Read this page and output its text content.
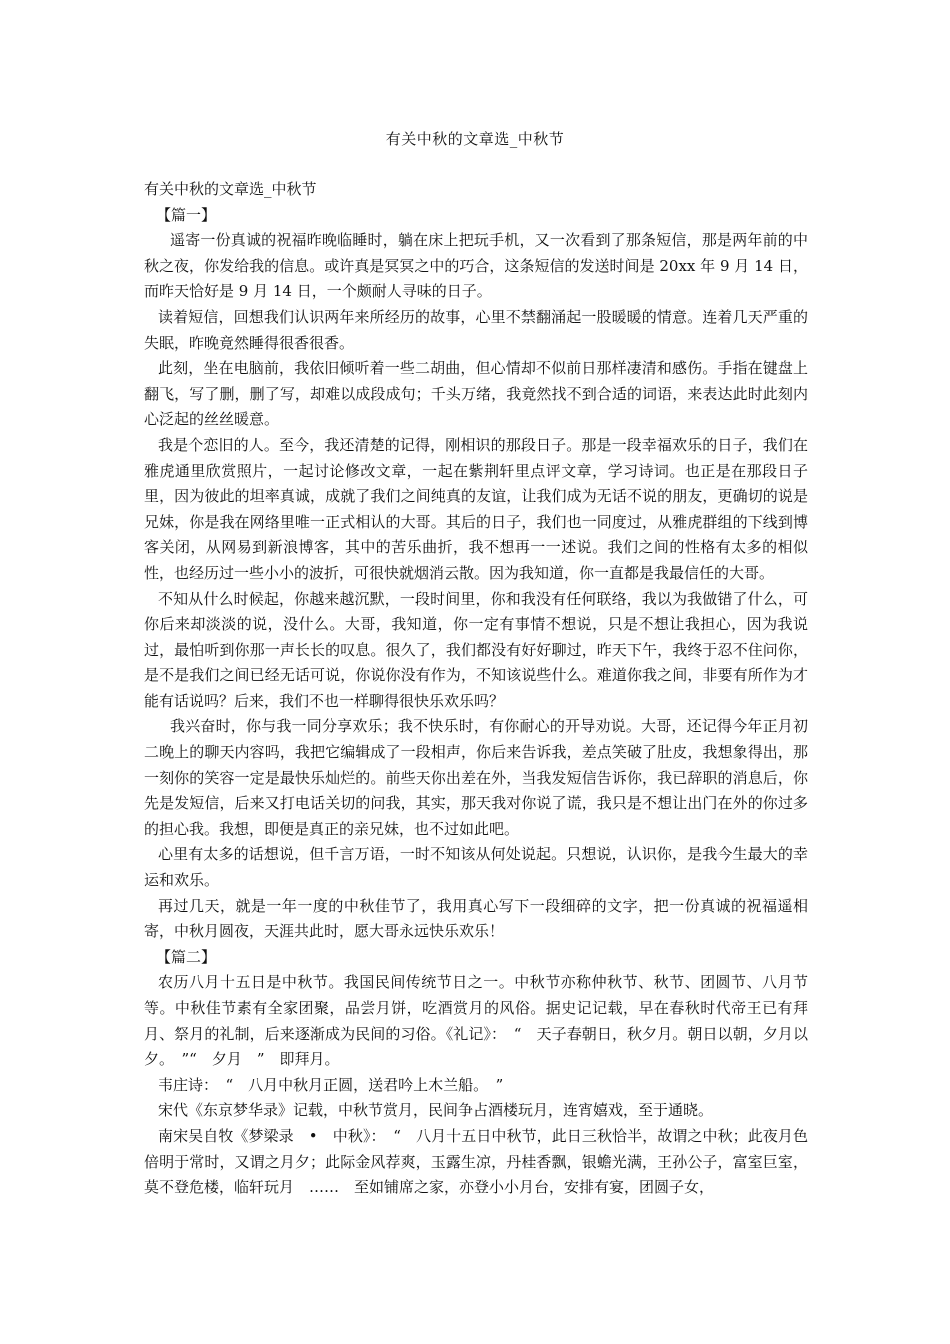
有关中秋的文章选_中秋节

有关中秋的文章选_中秋节

【篇一】

遥寄一份真诚的祝福昨晚临睡时，躺在床上把玩手机，又一次看到了那条短信，那是两年前的中秋之夜，你发给我的信息。或许真是冥冥之中的巧合，这条短信的发送时间是 20xx 年 9 月 14 日，而昨天恰好是 9 月 14 日，一个颇耐人寻味的日子。

读着短信，回想我们认识两年来所经历的故事，心里不禁翻涌起一股暖暖的情意。连着几天严重的失眠，昨晚竟然睡得很香很香。

此刻，坐在电脑前，我依旧倾听着一些二胡曲，但心情却不似前日那样凄清和感伤。手指在键盘上翻飞，写了删，删了写，却难以成段成句；千头万绪，我竟然找不到合适的词语，来表达此时此刻内心泛起的丝丝暖意。

我是个恋旧的人。至今，我还清楚的记得，刚相识的那段日子。那是一段幸福欢乐的日子，我们在雅虎通里欣赏照片，一起讨论修改文章，一起在紫荆轩里点评文章，学习诗词。也正是在那段日子里，因为彼此的坦率真诚，成就了我们之间纯真的友谊，让我们成为无话不说的朋友，更确切的说是兄妹，你是我在网络里唯一正式相认的大哥。其后的日子，我们也一同度过，从雅虎群组的下线到博客关闭，从网易到新浪博客，其中的苦乐曲折，我不想再一一述说。我们之间的性格有太多的相似性，也经历过一些小小的波折，可很快就烟消云散。因为我知道，你一直都是我最信任的大哥。

不知从什么时候起，你越来越沉默，一段时间里，你和我没有任何联络，我以为我做错了什么，可你后来却淡淡的说，没什么。大哥，我知道，你一定有事情不想说，只是不想让我担心，因为我说过，最怕听到你那一声长长的叹息。很久了，我们都没有好好聊过，昨天下午，我终于忍不住问你，是不是我们之间已经无话可说，你说你没有作为，不知该说些什么。难道你我之间，非要有所作为才能有话说吗？后来，我们不也一样聊得很快乐欢乐吗？

我兴奋时，你与我一同分享欢乐；我不快乐时，有你耐心的开导劝说。大哥，还记得今年正月初二晚上的聊天内容吗，我把它编辑成了一段相声，你后来告诉我，差点笑破了肚皮，我想象得出，那一刻你的笑容一定是最快乐灿烂的。前些天你出差在外，当我发短信告诉你，我已辞职的消息后，你先是发短信，后来又打电话关切的问我，其实，那天我对你说了谎，我只是不想让出门在外的你过多的担心我。我想，即便是真正的亲兄妹，也不过如此吧。

心里有太多的话想说，但千言万语，一时不知该从何处说起。只想说，认识你，是我今生最大的幸运和欢乐。

再过几天，就是一年一度的中秋佳节了，我用真心写下一段细碎的文字，把一份真诚的祝福遥相寄，中秋月圆夜，天涯共此时，愿大哥永远快乐欢乐！

【篇二】

农历八月十五日是中秋节。我国民间传统节日之一。中秋节亦称仲秋节、秋节、团圆节、八月节等。中秋佳节素有全家团聚，品尝月饼，吃酒赏月的风俗。据史记记载，早在春秋时代帝王已有拜月、祭月的礼制，后来逐渐成为民间的习俗。《礼记》：　“　天子春朝日，秋夕月。朝日以朝，夕月以夕。　”“　夕月　”　即拜月。

韦庄诗：　“　八月中秋月正圆，送君吟上木兰船。　”

宋代《东京梦华录》记载，中秋节赏月，民间争占酒楼玩月，连宵嬉戏，至于通晓。

南宋吴自牧《梦梁录　•　中秋》：　“　八月十五日中秋节，此日三秋恰半，故谓之中秋；此夜月色倍明于常时，又谓之月夕；此际金风荐爽，玉露生凉，丹桂香飘，银蟾光满，王孙公子，富室巨室，莫不登危楼，临轩玩月　……　至如铺席之家，亦登小小月台，安排有宴，团圆子女，
